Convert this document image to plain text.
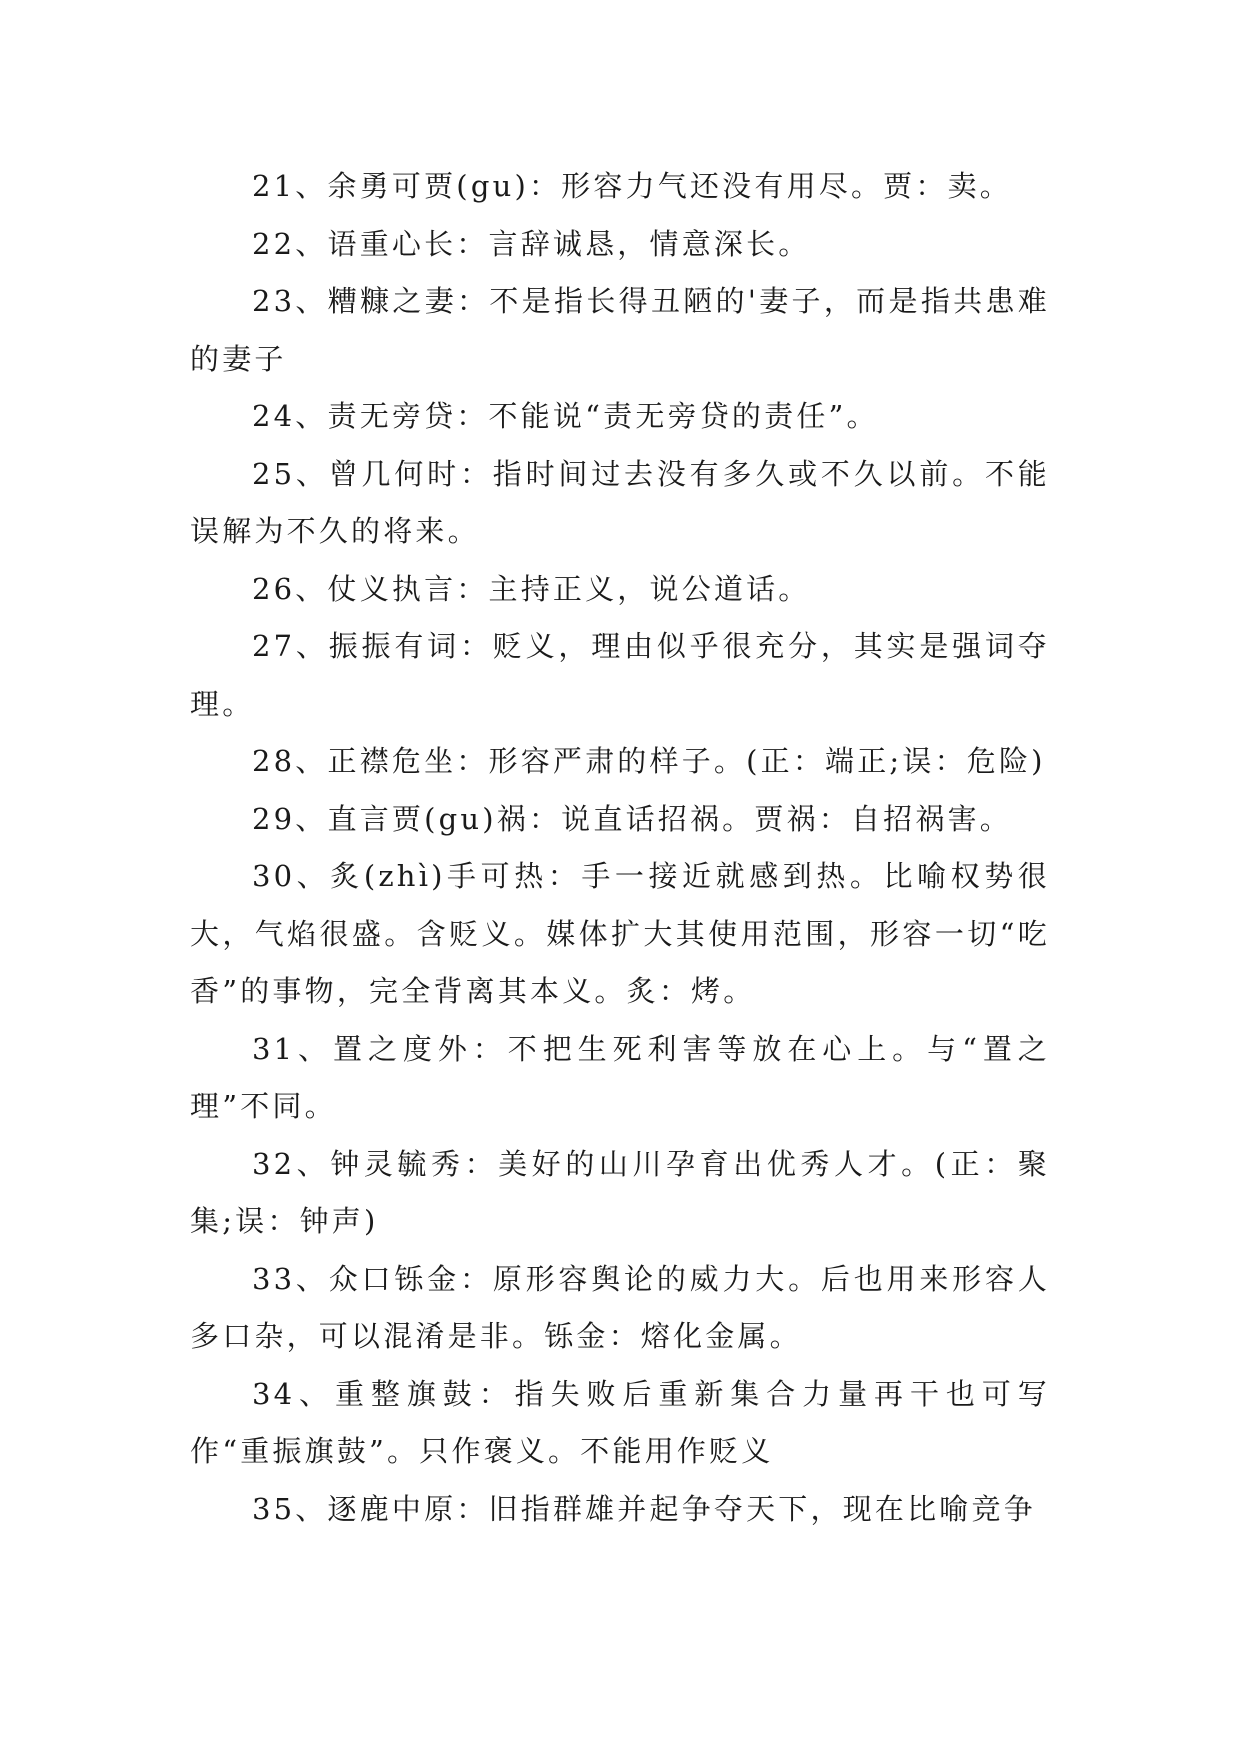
21、余勇可贾(gu)：形容力气还没有用尽。贾：卖。

22、语重心长：言辞诚恳，情意深长。

23、糟糠之妻：不是指长得丑陋的'妻子，而是指共患难的妻子

24、责无旁贷：不能说“责无旁贷的责任”。

25、曾几何时：指时间过去没有多久或不久以前。不能误解为不久的将来。

26、仗义执言：主持正义，说公道话。

27、振振有词：贬义，理由似乎很充分，其实是强词夺理。

28、正襟危坐：形容严肃的样子。(正：端正;误：危险)

29、直言贾(gu)祸：说直话招祸。贾祸：自招祸害。

30、炙(zhì)手可热：手一接近就感到热。比喻权势很大，气焰很盛。含贬义。媒体扩大其使用范围，形容一切“吃香”的事物，完全背离其本义。炙：烤。

31、置之度外：不把生死利害等放在心上。与“置之理”不同。

32、钟灵毓秀：美好的山川孕育出优秀人才。(正：聚集;误：钟声)

33、众口铄金：原形容舆论的威力大。后也用来形容人多口杂，可以混淆是非。铄金：熔化金属。

34、重整旗鼓：指失败后重新集合力量再干也可写作“重振旗鼓”。只作褒义。不能用作贬义

35、逐鹿中原：旧指群雄并起争夺天下，现在比喻竞争
